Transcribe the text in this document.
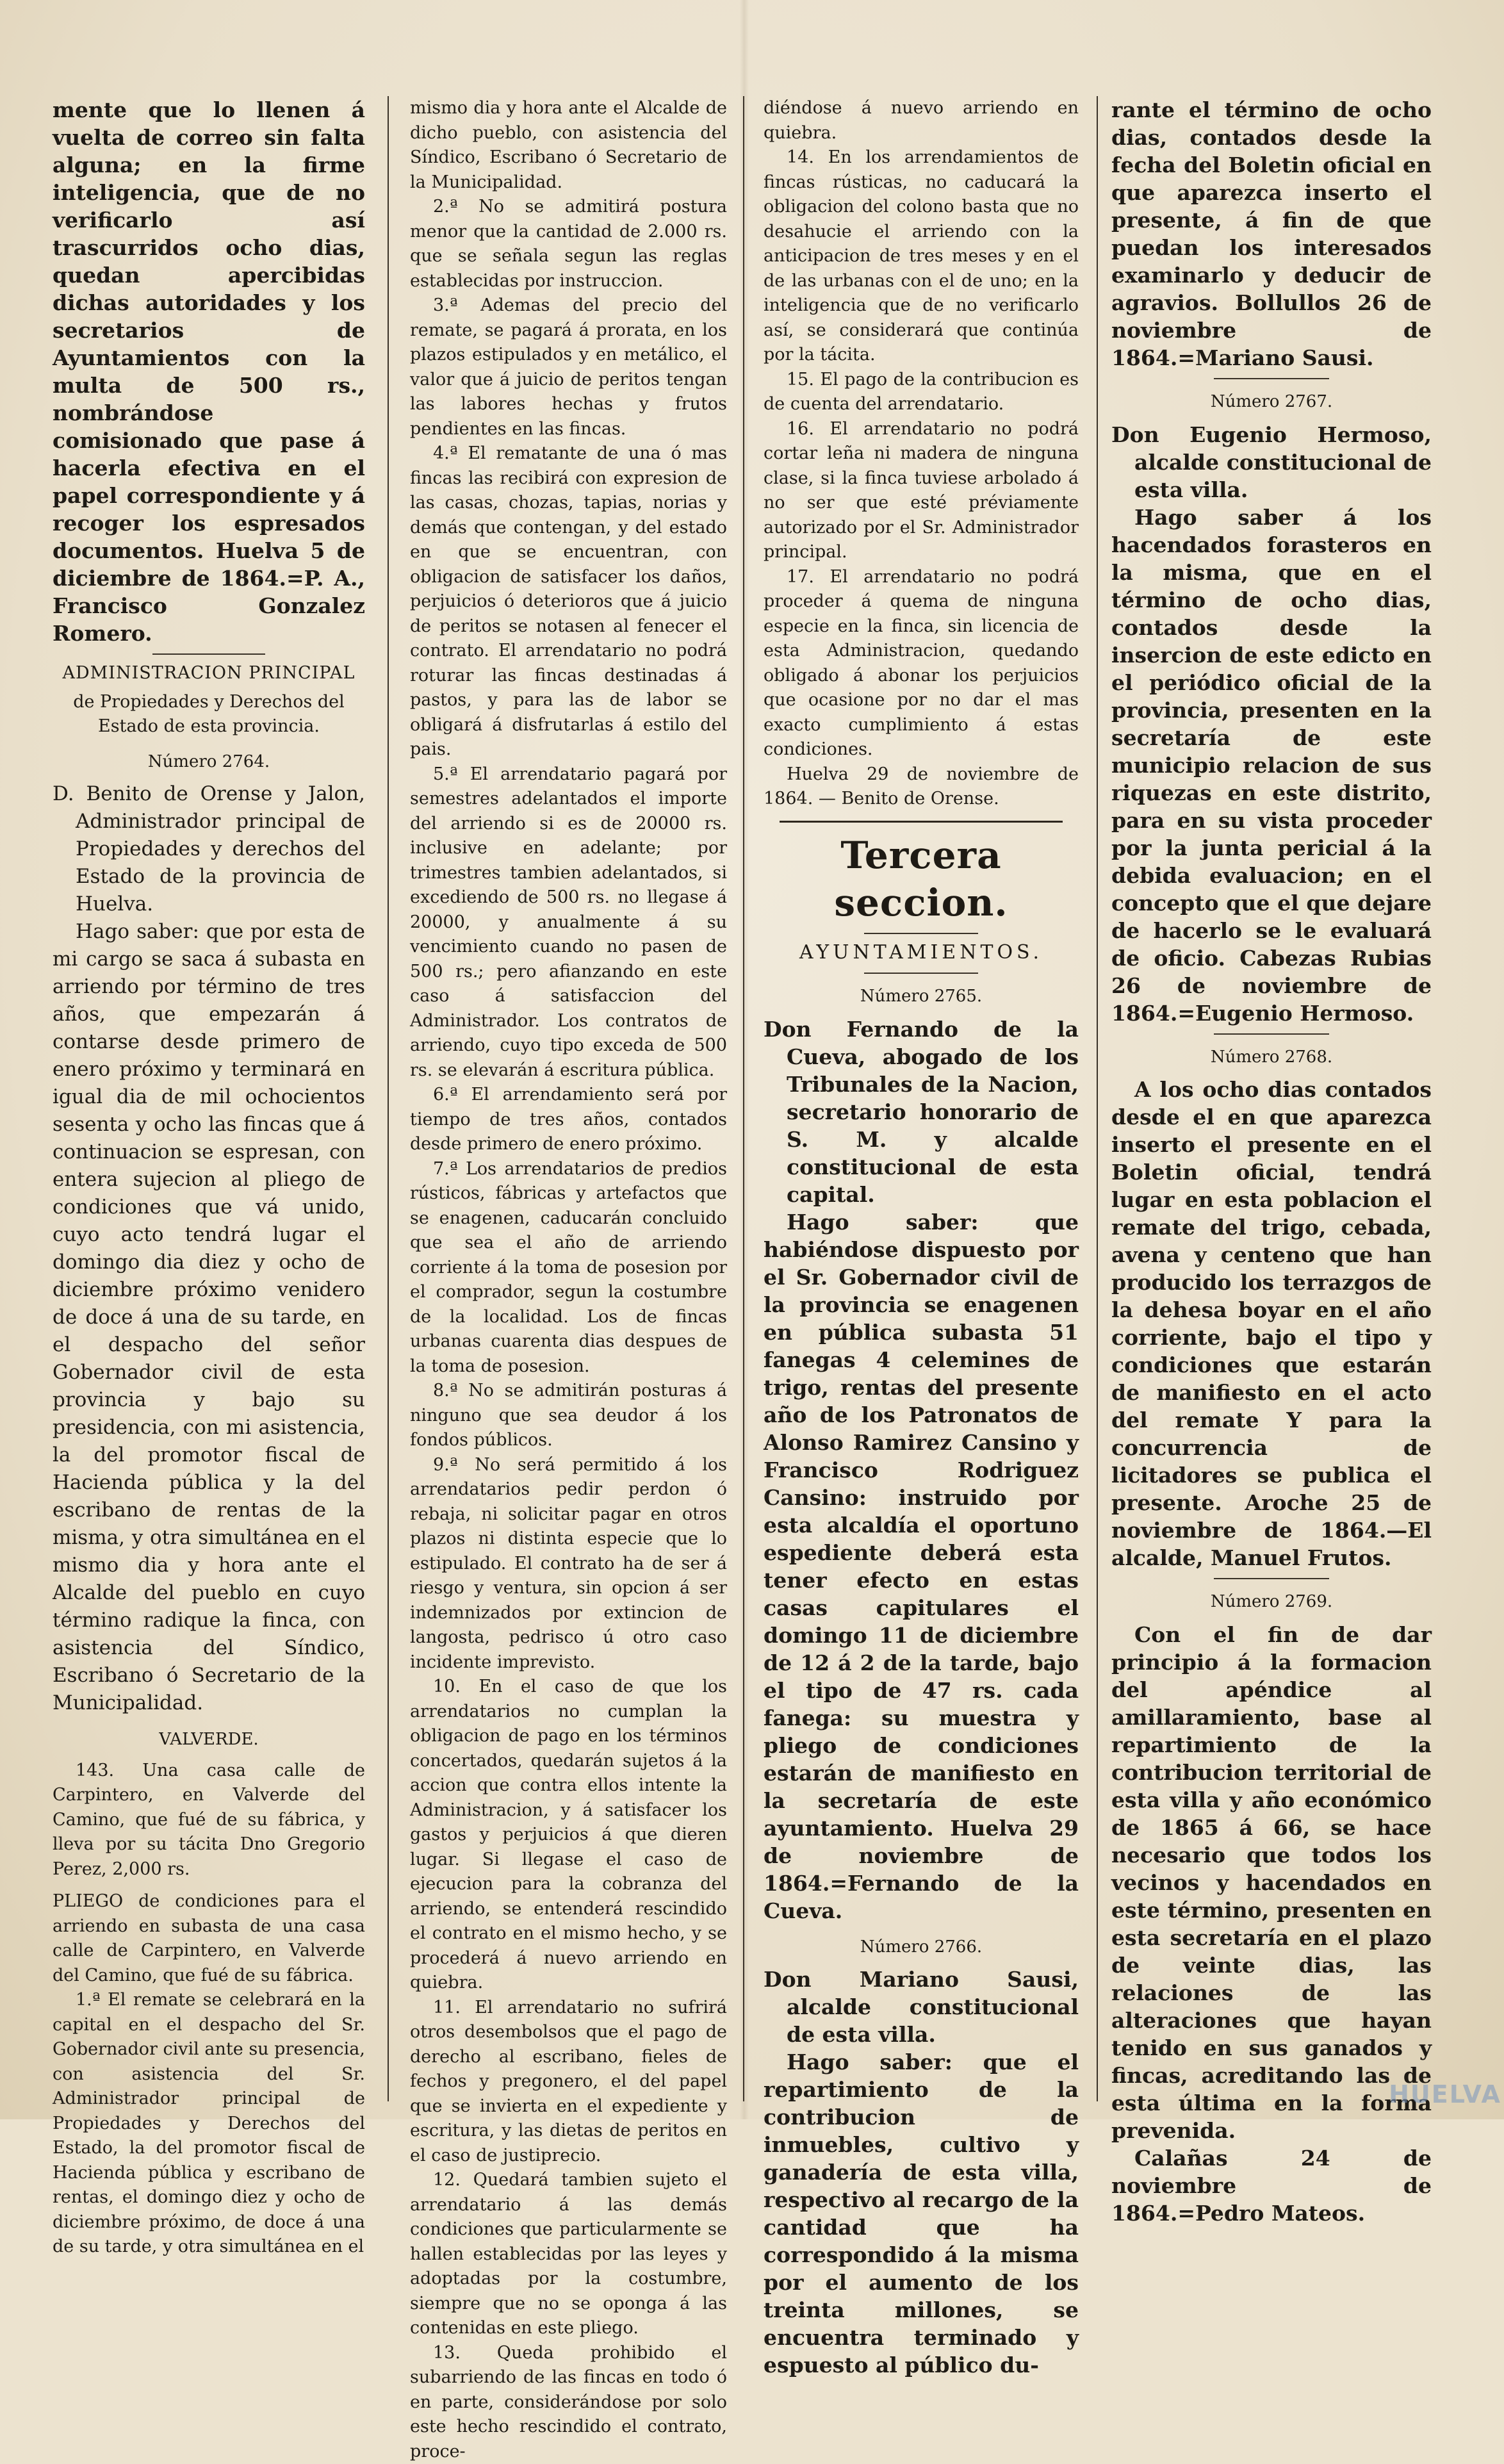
mente que lo llenen á vuelta de correo sin falta alguna; en la firme inteligencia, que de no verificarlo así trascurridos ocho dias, quedan apercibidas dichas autoridades y los secretarios de Ayuntamientos con la multa de 500 rs., nombrándose comisionado que pase á hacerla efectiva en el papel correspondiente y á recoger los espresados documentos. Huelva 5 de diciembre de 1864.=P. A., Francisco Gonzalez Romero.

ADMINISTRACION PRINCIPAL
de Propiedades y Derechos del Estado de esta provincia.
Número 2764.

D. Benito de Orense y Jalon, Administrador principal de Propiedades y derechos del Estado de la provincia de Huelva.

Hago saber: que por esta de mi cargo se saca á subasta en arriendo por término de tres años, que empezarán á contarse desde primero de enero próximo y terminará en igual dia de mil ochocientos sesenta y ocho las fincas que á continuacion se espresan, con entera sujecion al pliego de condiciones que vá unido, cuyo acto tendrá lugar el domingo dia diez y ocho de diciembre próximo venidero de doce á una de su tarde, en el despacho del señor Gobernador civil de esta provincia y bajo su presidencia, con mi asistencia, la del promotor fiscal de Hacienda pública y la del escribano de rentas de la misma, y otra simultánea en el mismo dia y hora ante el Alcalde del pueblo en cuyo término radique la finca, con asistencia del Síndico, Escribano ó Secretario de la Municipalidad.

VALVERDE.

143. Una casa calle de Carpintero, en Valverde del Camino, que fué de su fábrica, y lleva por su tácita Dno Gregorio Perez, 2,000 rs.

PLIEGO de condiciones para el arriendo en subasta de una casa calle de Carpintero, en Valverde del Camino, que fué de su fábrica.

1.ª El remate se celebrará en la capital en el despacho del Sr. Gobernador civil ante su presencia, con asistencia del Sr. Administrador principal de Propiedades y Derechos del Estado, la del promotor fiscal de Hacienda pública y escribano de rentas, el domingo diez y ocho de diciembre próximo, de doce á una de su tarde, y otra simultánea en el

mismo dia y hora ante el Alcalde de dicho pueblo, con asistencia del Síndico, Escribano ó Secretario de la Municipalidad.

2.ª No se admitirá postura menor que la cantidad de 2.000 rs. que se señala segun las reglas establecidas por instruccion.

3.ª Ademas del precio del remate, se pagará á prorata, en los plazos estipulados y en metálico, el valor que á juicio de peritos tengan las labores hechas y frutos pendientes en las fincas.

4.ª El rematante de una ó mas fincas las recibirá con expresion de las casas, chozas, tapias, norias y demás que contengan, y del estado en que se encuentran, con obligacion de satisfacer los daños, perjuicios ó deterioros que á juicio de peritos se notasen al fenecer el contrato. El arrendatario no podrá roturar las fincas destinadas á pastos, y para las de labor se obligará á disfrutarlas á estilo del pais.

5.ª El arrendatario pagará por semestres adelantados el importe del arriendo si es de 20000 rs. inclusive en adelante; por trimestres tambien adelantados, si excediendo de 500 rs. no llegase á 20000, y anualmente á su vencimiento cuando no pasen de 500 rs.; pero afianzando en este caso á satisfaccion del Administrador. Los contratos de arriendo, cuyo tipo exceda de 500 rs. se elevarán á escritura pública.

6.ª El arrendamiento será por tiempo de tres años, contados desde primero de enero próximo.

7.ª Los arrendatarios de predios rústicos, fábricas y artefactos que se enagenen, caducarán concluido que sea el año de arriendo corriente á la toma de posesion por el comprador, segun la costumbre de la localidad. Los de fincas urbanas cuarenta dias despues de la toma de posesion.

8.ª No se admitirán posturas á ninguno que sea deudor á los fondos públicos.

9.ª No será permitido á los arrendatarios pedir perdon ó rebaja, ni solicitar pagar en otros plazos ni distinta especie que lo estipulado. El contrato ha de ser á riesgo y ventura, sin opcion á ser indemnizados por extincion de langosta, pedrisco ú otro caso incidente imprevisto.

10. En el caso de que los arrendatarios no cumplan la obligacion de pago en los términos concertados, quedarán sujetos á la accion que contra ellos intente la Administracion, y á satisfacer los gastos y perjuicios á que dieren lugar. Si llegase el caso de ejecucion para la cobranza del arriendo, se entenderá rescindido el contrato en el mismo hecho, y se procederá á nuevo arriendo en quiebra.

11. El arrendatario no sufrirá otros desembolsos que el pago de derecho al escribano, fieles de fechos y pregonero, el del papel que se invierta en el expediente y escritura, y las dietas de peritos en el caso de justiprecio.

12. Quedará tambien sujeto el arrendatario á las demás condiciones que particularmente se hallen establecidas por las leyes y adoptadas por la costumbre, siempre que no se oponga á las contenidas en este pliego.

13. Queda prohibido el subarriendo de las fincas en todo ó en parte, considerándose por solo este hecho rescindido el contrato, proce-

diéndose á nuevo arriendo en quiebra.

14. En los arrendamientos de fincas rústicas, no caducará la obligacion del colono basta que no desahucie el arriendo con la anticipacion de tres meses y en el de las urbanas con el de uno; en la inteligencia que de no verificarlo así, se considerará que continúa por la tácita.

15. El pago de la contribucion es de cuenta del arrendatario.

16. El arrendatario no podrá cortar leña ni madera de ninguna clase, si la finca tuviese arbolado á no ser que esté préviamente autorizado por el Sr. Administrador principal.

17. El arrendatario no podrá proceder á quema de ninguna especie en la finca, sin licencia de esta Administracion, quedando obligado á abonar los perjuicios que ocasione por no dar el mas exacto cumplimiento á estas condiciones.

Huelva 29 de noviembre de 1864. — Benito de Orense.

Tercera seccion.
AYUNTAMIENTOS.
Número 2765.

Don Fernando de la Cueva, abogado de los Tribunales de la Nacion, secretario honorario de S. M. y alcalde constitucional de esta capital.

Hago saber: que habiéndose dispuesto por el Sr. Gobernador civil de la provincia se enagenen en pública subasta 51 fanegas 4 celemines de trigo, rentas del presente año de los Patronatos de Alonso Ramirez Cansino y Francisco Rodriguez Cansino: instruido por esta alcaldía el oportuno espediente deberá esta tener efecto en estas casas capitulares el domingo 11 de diciembre de 12 á 2 de la tarde, bajo el tipo de 47 rs. cada fanega: su muestra y pliego de condiciones estarán de manifiesto en la secretaría de este ayuntamiento. Huelva 29 de noviembre de 1864.=Fernando de la Cueva.

Número 2766.

Don Mariano Sausi, alcalde constitucional de esta villa.

Hago saber: que el repartimiento de la contribucion de inmuebles, cultivo y ganadería de esta villa, respectivo al recargo de la cantidad que ha correspondido á la misma por el aumento de los treinta millones, se encuentra terminado y espuesto al público du-

rante el término de ocho dias, contados desde la fecha del Boletin oficial en que aparezca inserto el presente, á fin de que puedan los interesados examinarlo y deducir de agravios. Bollullos 26 de noviembre de 1864.=Mariano Sausi.

Número 2767.

Don Eugenio Hermoso, alcalde constitucional de esta villa.

Hago saber á los hacendados forasteros en la misma, que en el término de ocho dias, contados desde la insercion de este edicto en el periódico oficial de la provincia, presenten en la secretaría de este municipio relacion de sus riquezas en este distrito, para en su vista proceder por la junta pericial á la debida evaluacion; en el concepto que el que dejare de hacerlo se le evaluará de oficio. Cabezas Rubias 26 de noviembre de 1864.=Eugenio Hermoso.

Número 2768.

A los ocho dias contados desde el en que aparezca inserto el presente en el Boletin oficial, tendrá lugar en esta poblacion el remate del trigo, cebada, avena y centeno que han producido los terrazgos de la dehesa boyar en el año corriente, bajo el tipo y condiciones que estarán de manifiesto en el acto del remate Y para la concurrencia de licitadores se publica el presente. Aroche 25 de noviembre de 1864.—El alcalde, Manuel Frutos.

Número 2769.

Con el fin de dar principio á la formacion del apéndice al amillaramiento, base al repartimiento de la contribucion territorial de esta villa y año económico de 1865 á 66, se hace necesario que todos los vecinos y hacendados en este término, presenten en esta secretaría en el plazo de veinte dias, las relaciones de las alteraciones que hayan tenido en sus ganados y fincas, acreditando las de esta última en la forma prevenida.

Calañas 24 de noviembre de 1864.=Pedro Mateos.

HUELVA
